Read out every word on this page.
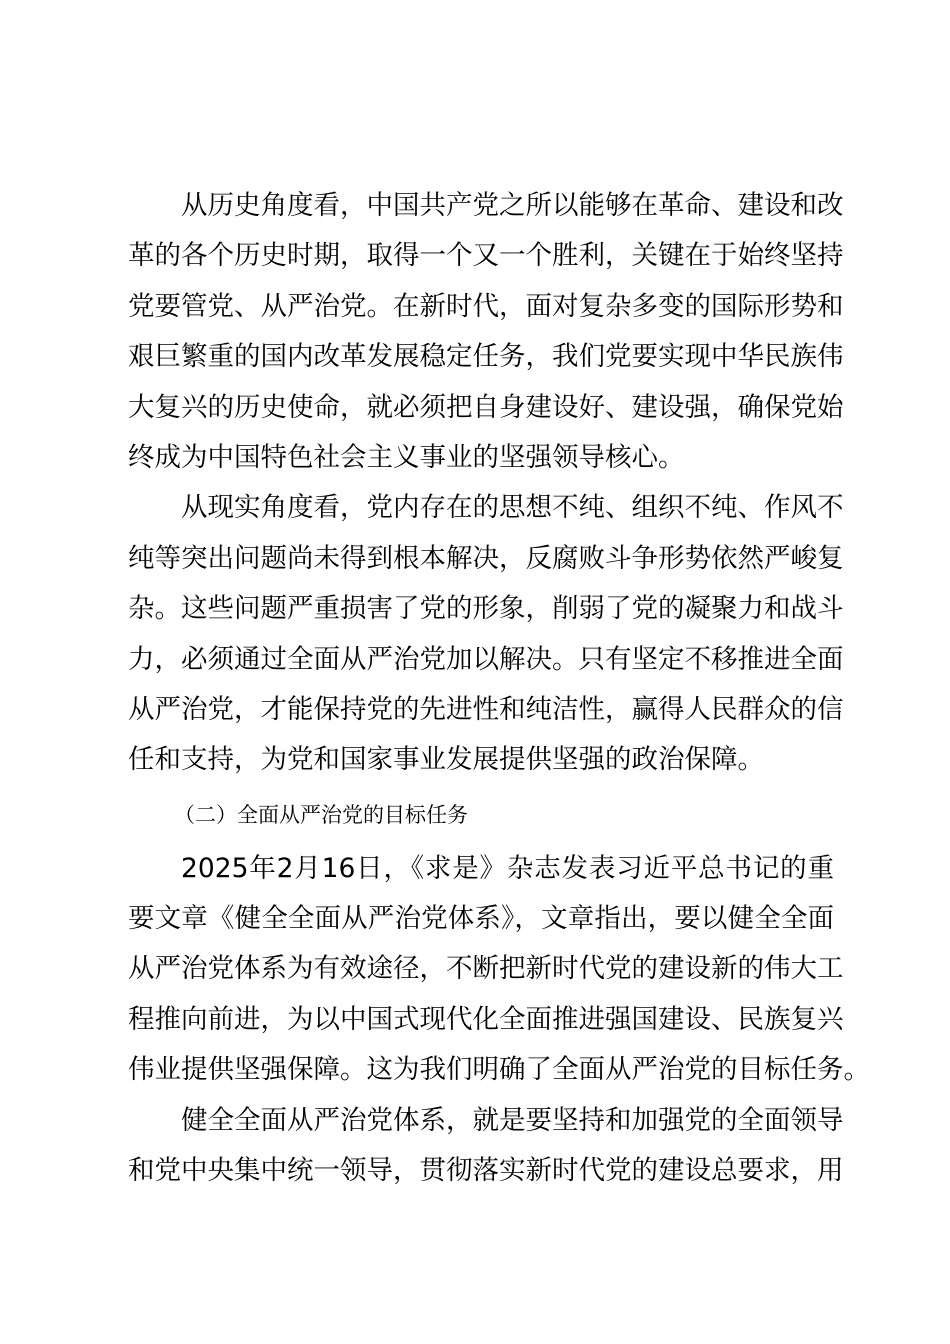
从历史角度看，中国共产党之所以能够在革命、建设和改
革的各个历史时期，取得一个又一个胜利，关键在于始终坚持
党要管党、从严治党。在新时代，面对复杂多变的国际形势和
艰巨繁重的国内改革发展稳定任务，我们党要实现中华民族伟
大复兴的历史使命，就必须把自身建设好、建设强，确保党始
终成为中国特色社会主义事业的坚强领导核心。
从现实角度看，党内存在的思想不纯、组织不纯、作风不
纯等突出问题尚未得到根本解决，反腐败斗争形势依然严峻复
杂。这些问题严重损害了党的形象，削弱了党的凝聚力和战斗
力，必须通过全面从严治党加以解决。只有坚定不移推进全面
从严治党，才能保持党的先进性和纯洁性，赢得人民群众的信
任和支持，为党和国家事业发展提供坚强的政治保障。
（二）全面从严治党的目标任务
2025年2月16日，《求是》杂志发表习近平总书记的重
要文章《健全全面从严治党体系》，文章指出，要以健全全面
从严治党体系为有效途径，不断把新时代党的建设新的伟大工
程推向前进，为以中国式现代化全面推进强国建设、民族复兴
伟业提供坚强保障。这为我们明确了全面从严治党的目标任务。
健全全面从严治党体系，就是要坚持和加强党的全面领导
和党中央集中统一领导，贯彻落实新时代党的建设总要求，用
